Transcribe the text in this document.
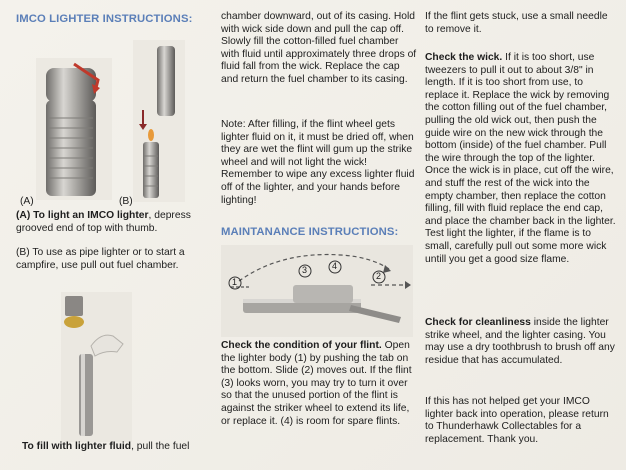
IMCO LIGHTER INSTRUCTIONS:
(A)	(B)
(A) To light an IMCO lighter, depress grooved end of top with thumb.
(B) To use as pipe lighter or to start a campfire, use pull out fuel chamber.
To fill with lighter fluid, pull the fuel
chamber downward, out of its casing. Hold with wick side down and pull the cap off. Slowly fill the cotton-filled fuel chamber with fluid until approximately three drops of fluid fall from the wick. Replace the cap and return the fuel chamber to its casing.
Note: After filling, if the flint wheel gets lighter fluid on it, it must be dried off, when they are wet the flint will gum up the strike wheel and will not light the wick! Remember to wipe any excess lighter fluid off of the lighter, and your hands before lighting!
MAINTANANCE INSTRUCTIONS:
1
2
3	4
Check the condition of your flint. Open the lighter body (1) by pushing the tab on the bottom. Slide (2) moves out. If the flint (3) looks worn, you may try to turn it over so that the unused portion of the flint is against the striker wheel to extend its life, or replace it. (4) is room for spare flints.
If the flint gets stuck, use a small needle to remove it.
Check the wick. If it is too short, use tweezers to pull it out to about 3/8" in length. If it is too short from use, to replace it. Replace the wick by removing the cotton filling out of the fuel chamber, pulling the old wick out, then push the guide wire on the new wick through the bottom (inside) of the fuel chamber. Pull the wire through the top of the lighter. Once the wick is in place, cut off the wire, and stuff the rest of the wick into the empty chamber, then replace the cotton filling, fill with fluid replace the end cap, and place the chamber back in the lighter. Test light the lighter, if the flame is to small, carefully pull out some more wick untill you get a good size flame.
Check for cleanliness inside the lighter strike wheel, and the lighter casing. You may use a dry toothbrush to brush off any residue that has accumulated.
If this has not helped get your IMCO lighter back into operation, please return to Thunderhawk Collectables for a replacement. Thank you.
